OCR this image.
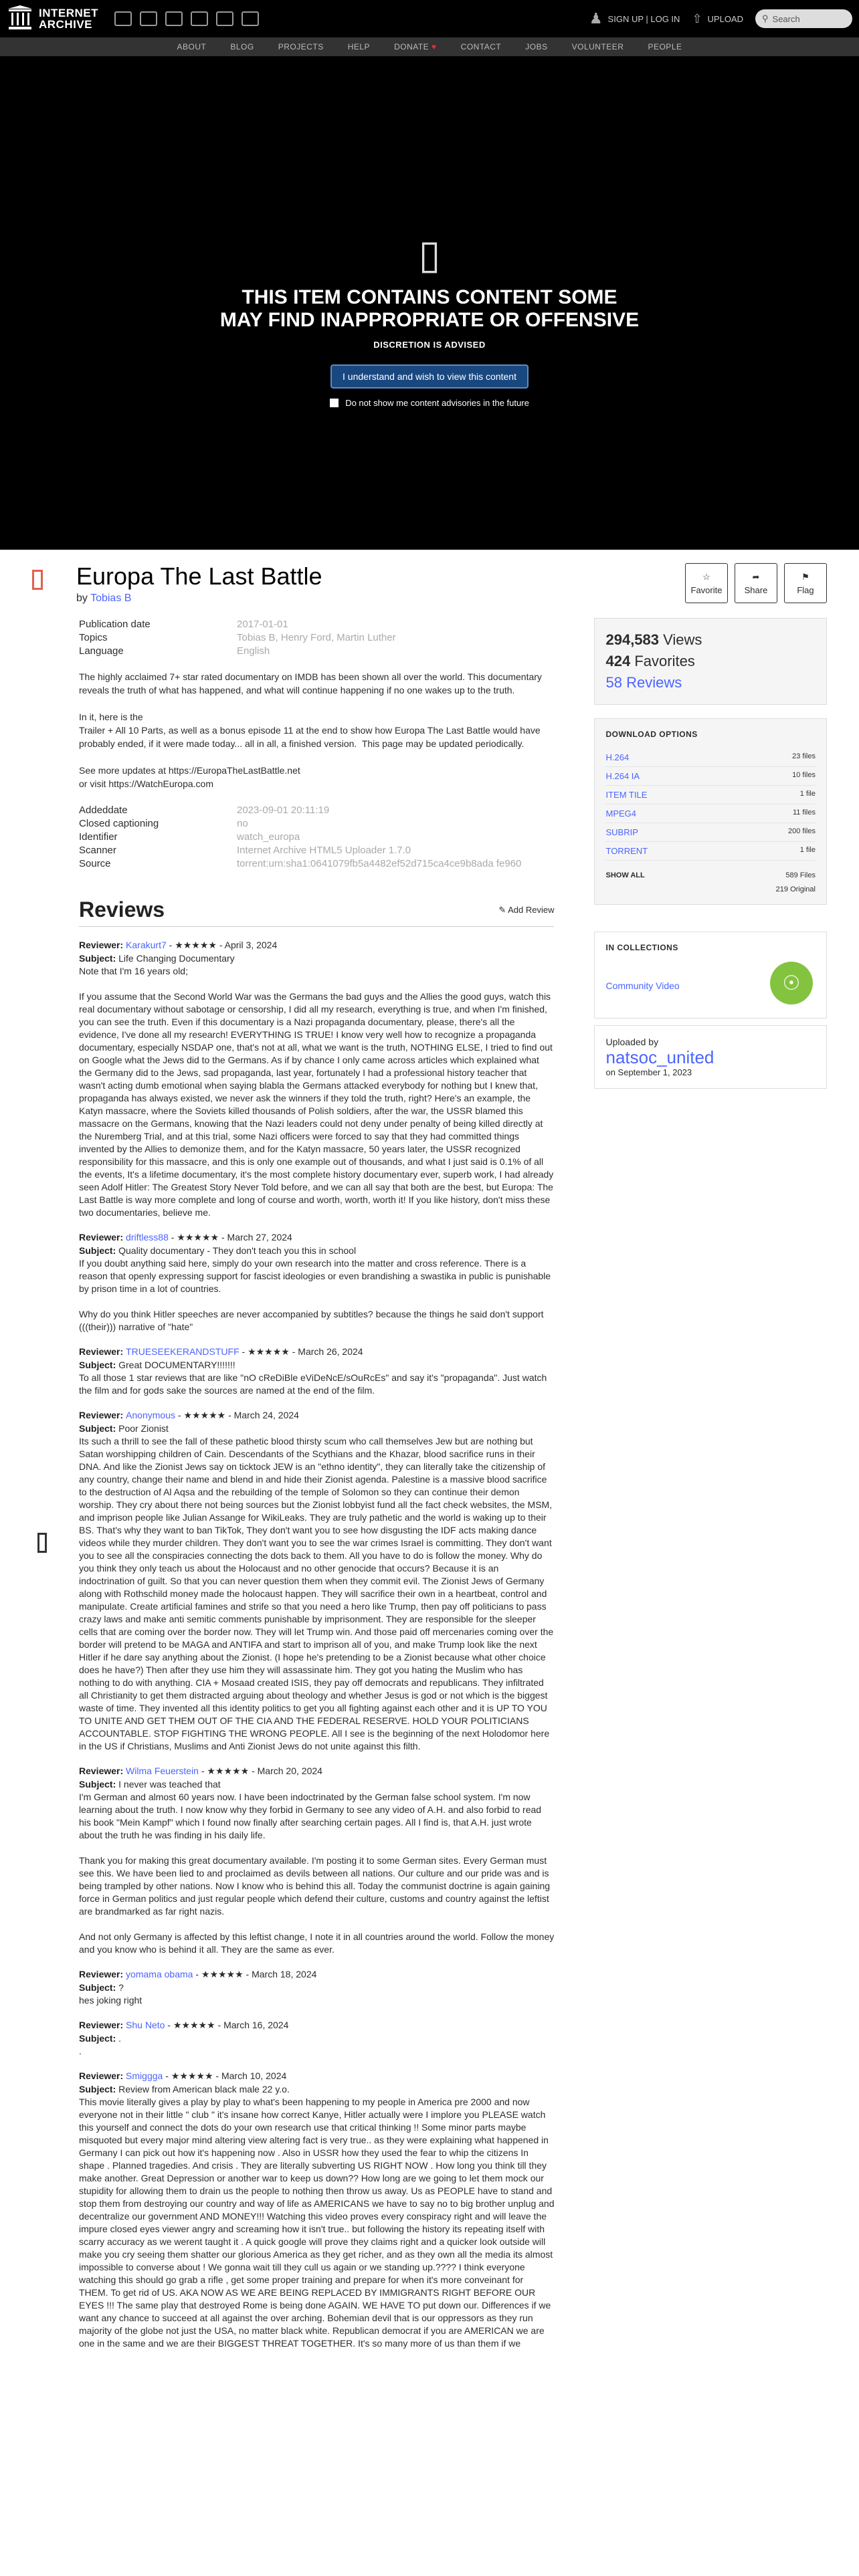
INTERNET
ARCHIVE	♟ SIGN UP | LOG IN ⇧ UPLOAD ⚲ Search
ABOUT	BLOG	PROJECTS	HELP	DONATE ♥	CONTACT	JOBS	VOLUNTEER	PEOPLE
▯
THIS ITEM CONTAINS CONTENT SOME
MAY FIND INAPPROPRIATE OR OFFENSIVE
DISCRETION IS ADVISED
I understand and wish to view this content
Do not show me content advisories in the future
Europa The Last Battle
by Tobias B
☆
Favorite
➦
Share
⚑
Flag
Publication date	2017-01-01
Topics	Tobias B, Henry Ford, Martin Luther
Language	English

The highly acclaimed 7+ star rated documentary on IMDB has been shown all over the world. This documentary reveals the truth of what has happened, and what will continue happening if no one wakes up to the truth.

In it, here is the
Trailer + All 10 Parts, as well as a bonus episode 11 at the end to show how Europa The Last Battle would have probably ended, if it were made today... all in all, a finished version.  This page may be updated periodically.

See more updates at https://EuropaTheLastBattle.net
or visit https://WatchEuropa.com

Addeddate	2023-09-01 20:11:19
Closed captioning	no
Identifier	watch_europa
Scanner	Internet Archive HTML5 Uploader 1.7.0
Source	torrent:urn:sha1:0641079fb5a4482ef52d715ca4ce9b8ada fe960
Reviews	✎ Add Review
Reviewer: Karakurt7 - ★★★★★ - April 3, 2024
Subject: Life Changing Documentary
Note that I'm 16 years old;

If you assume that the Second World War was the Germans the bad guys and the Allies the good guys, watch this real documentary without sabotage or censorship, I did all my research, everything is true, and when I'm finished, you can see the truth. Even if this documentary is a Nazi propaganda documentary, please, there's all the evidence, I've done all my research! EVERYTHING IS TRUE! I know very well how to recognize a propaganda documentary, especially NSDAP one, that's not at all, what we want is the truth, NOTHING ELSE, I tried to find out on Google what the Jews did to the Germans. As if by chance I only came across articles which explained what the Germany did to the Jews, sad propaganda, last year, fortunately I had a professional history teacher that wasn't acting dumb emotional when saying blabla the Germans attacked everybody for nothing but I knew that, propaganda has always existed, we never ask the winners if they told the truth, right? Here's an example, the Katyn massacre, where the Soviets killed thousands of Polish soldiers, after the war, the USSR blamed this massacre on the Germans, knowing that the Nazi leaders could not deny under penalty of being killed directly at the Nuremberg Trial, and at this trial, some Nazi officers were forced to say that they had committed things invented by the Allies to demonize them, and for the Katyn massacre, 50 years later, the USSR recognized responsibility for this massacre, and this is only one example out of thousands, and what I just said is 0.1% of all the events, It's a lifetime documentary, it's the most complete history documentary ever, superb work, I had already seen Adolf Hitler: The Greatest Story Never Told before, and we can all say that both are the best, but Europa: The Last Battle is way more complete and long of course and worth, worth, worth it! If you like history, don't miss these two documentaries, believe me.
Reviewer: driftless88 - ★★★★★ - March 27, 2024
Subject: Quality documentary - They don't teach you this in school
If you doubt anything said here, simply do your own research into the matter and cross reference. There is a reason that openly expressing support for fascist ideologies or even brandishing a swastika in public is punishable by prison time in a lot of countries.

Why do you think Hitler speeches are never accompanied by subtitles? because the things he said don't support (((their))) narrative of "hate"
Reviewer: TRUESEEKERANDSTUFF - ★★★★★ - March 26, 2024
Subject: Great DOCUMENTARY!!!!!!!
To all those 1 star reviews that are like "nO cReDiBle eViDeNcE/sOuRcEs" and say it's "propaganda". Just watch the film and for gods sake the sources are named at the end of the film.
Reviewer: Anonymous - ★★★★★ - March 24, 2024
Subject: Poor Zionist
Its such a thrill to see the fall of these pathetic blood thirsty scum who call themselves Jew but are nothing but Satan worshipping children of Cain. Descendants of the Scythians and the Khazar, blood sacrifice runs in their DNA. And like the Zionist Jews say on ticktock JEW is an "ethno identity", they can literally take the citizenship of any country, change their name and blend in and hide their Zionist agenda. Palestine is a massive blood sacrifice to the destruction of Al Aqsa and the rebuilding of the temple of Solomon so they can continue their demon worship. They cry about there not being sources but the Zionist lobbyist fund all the fact check websites, the MSM, and imprison people like Julian Assange for WikiLeaks. They are truly pathetic and the world is waking up to their BS. That's why they want to ban TikTok, They don't want you to see how disgusting the IDF acts making dance videos while they murder children. They don't want you to see the war crimes Israel is committing. They don't want you to see all the conspiracies connecting the dots back to them. All you have to do is follow the money. Why do you think they only teach us about the Holocaust and no other genocide that occurs? Because it is an indoctrination of guilt. So that you can never question them when they commit evil. The Zionist Jews of Germany along with Rothschild money made the holocaust happen. They will sacrifice their own in a heartbeat, control and manipulate. Create artificial famines and strife so that you need a hero like Trump, then pay off politicians to pass crazy laws and make anti semitic comments punishable by imprisonment. They are responsible for the sleeper cells that are coming over the border now. They will let Trump win. And those paid off mercenaries coming over the border will pretend to be MAGA and ANTIFA and start to imprison all of you, and make Trump look like the next Hitler if he dare say anything about the Zionist. (I hope he's pretending to be a Zionist because what other choice does he have?) Then after they use him they will assassinate him. They got you hating the Muslim who has nothing to do with anything. CIA + Mosaad created ISIS, they pay off democrats and republicans. They infiltrated all Christianity to get them distracted arguing about theology and whether Jesus is god or not which is the biggest waste of time. They invented all this identity politics to get you all fighting against each other and it is UP TO YOU TO UNITE AND GET THEM OUT OF THE CIA AND THE FEDERAL RESERVE. HOLD YOUR POLITICIANS ACCOUNTABLE. STOP FIGHTING THE WRONG PEOPLE. All I see is the beginning of the next Holodomor here in the US if Christians, Muslims and Anti Zionist Jews do not unite against this filth.
Reviewer: Wilma Feuerstein - ★★★★★ - March 20, 2024
Subject: I never was teached that
I'm German and almost 60 years now. I have been indoctrinated by the German false school system. I'm now learning about the truth. I now know why they forbid in Germany to see any video of A.H. and also forbid to read his book "Mein Kampf" which I found now finally after searching certain pages. All I find is, that A.H. just wrote about the truth he was finding in his daily life.

Thank you for making this great documentary available. I'm posting it to some German sites. Every German must see this. We have been lied to and proclaimed as devils between all nations. Our culture and our pride was and is being trampled by other nations. Now I know who is behind this all. Today the communist doctrine is again gaining force in German politics and just regular people which defend their culture, customs and country against the leftist are brandmarked as far right nazis.

And not only Germany is affected by this leftist change, I note it in all countries around the world. Follow the money and you know who is behind it all. They are the same as ever.
Reviewer: yomama obama - ★★★★★ - March 18, 2024
Subject: ?
hes joking right
Reviewer: Shu Neto - ★★★★★ - March 16, 2024
Subject: .
.
Reviewer: Smiggga - ★★★★★ - March 10, 2024
Subject: Review from American black male 22 y.o.
This movie literally gives a play by play to what's been happening to my people in America pre 2000 and now everyone not in their little " club " it's insane how correct Kanye, Hitler actually were I implore you PLEASE watch this yourself and connect the dots do your own research use that critical thinking !! Some minor parts maybe misquoted but every major mind altering view altering fact is very true.. as they were explaining what happened in Germany I can pick out how it's happening now . Also in USSR how they used the fear to whip the citizens In shape . Planned tragedies. And crisis . They are literally subverting US RIGHT NOW . How long you think till they make another. Great Depression or another war to keep us down?? How long are we going to let them mock our stupidity for allowing them to drain us the people to nothing then throw us away. Us as PEOPLE have to stand and stop them from destroying our country and way of life as AMERICANS we have to say no to big brother unplug and decentralize our government AND MONEY!!! Watching this video proves every conspiracy right and will leave the impure closed eyes viewer angry and screaming how it isn't true.. but following the history its repeating itself with scarry accuracy as we werent taught it . A quick google will prove they claims right and a quicker look outside will make you cry seeing them shatter our glorious America as they get richer, and as they own all the media its almost impossible to converse about ! We gonna wait till they cull us again or we standing up.???? I think everyone watching this should go grab a rifle , get some proper training and prepare for when it's more conveinant for THEM. To get rid of US. AKA NOW AS WE ARE BEING REPLACED BY IMMIGRANTS RIGHT BEFORE OUR EYES !!! The same play that destroyed Rome is being done AGAIN. WE HAVE TO put down our. Differences if we want any chance to succeed at all against the over arching. Bohemian devil that is our oppressors as they run majority of the globe not just the USA, no matter black white. Republican democrat if you are AMERICAN we are one in the same and we are their BIGGEST THREAT TOGETHER. It's so many more of us than them if we
294,583 Views
424 Favorites
58 Reviews
DOWNLOAD OPTIONS
H.264	23 files
H.264 IA	10 files
ITEM TILE	1 file
MPEG4	11 files
SUBRIP	200 files
TORRENT	1 file
SHOW ALL	589 Files
219 Original
IN COLLECTIONS
Community Video	☉
Uploaded by
natsoc_united
on September 1, 2023
